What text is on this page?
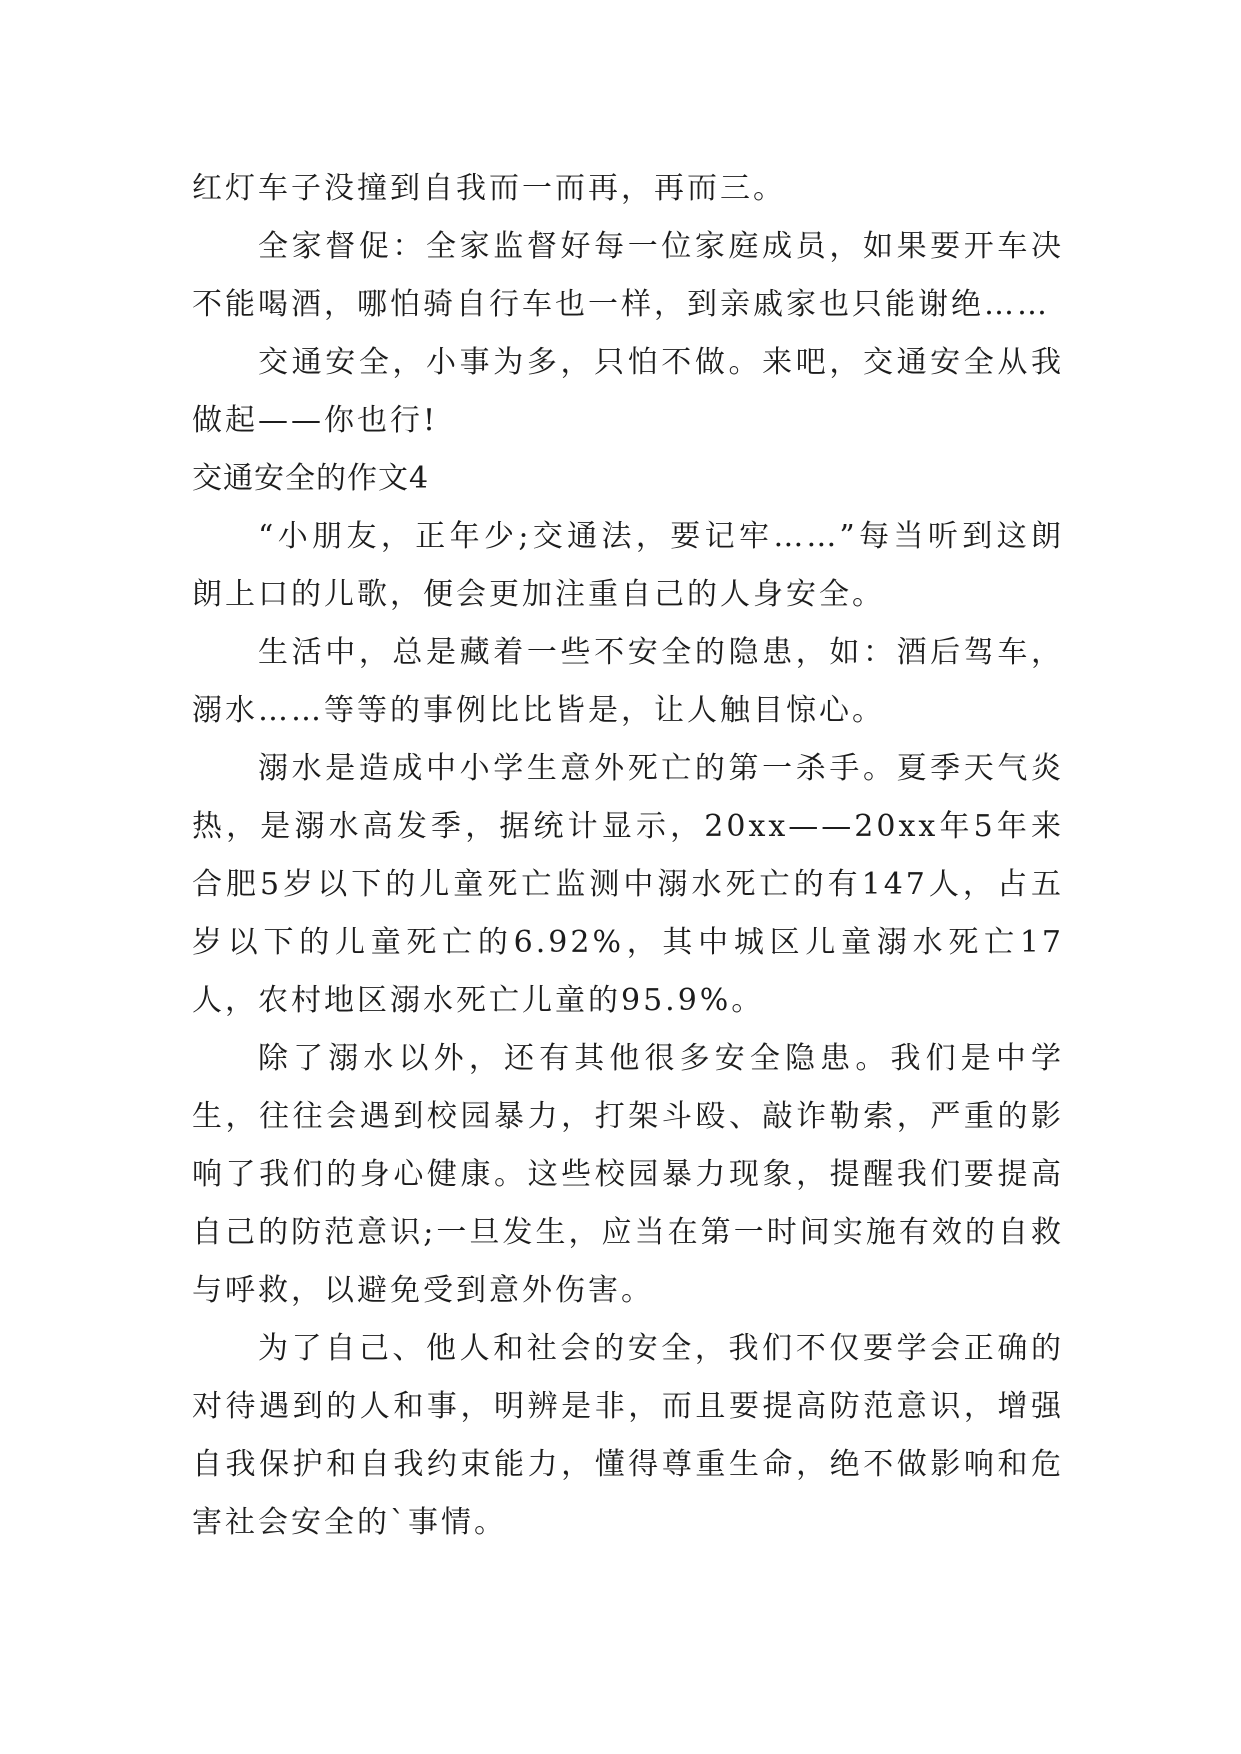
红灯车子没撞到自我而一而再，再而三。

全家督促：全家监督好每一位家庭成员，如果要开车决不能喝酒，哪怕骑自行车也一样，到亲戚家也只能谢绝……

交通安全，小事为多，只怕不做。来吧，交通安全从我做起——你也行!

交通安全的作文4

“小朋友，正年少;交通法，要记牢……”每当听到这朗朗上口的儿歌，便会更加注重自己的人身安全。

生活中，总是藏着一些不安全的隐患，如：酒后驾车，溺水……等等的事例比比皆是，让人触目惊心。

溺水是造成中小学生意外死亡的第一杀手。夏季天气炎热，是溺水高发季，据统计显示，20xx——20xx年5年来合肥5岁以下的儿童死亡监测中溺水死亡的有147人，占五岁以下的儿童死亡的6.92%，其中城区儿童溺水死亡17人，农村地区溺水死亡儿童的95.9%。

除了溺水以外，还有其他很多安全隐患。我们是中学生，往往会遇到校园暴力，打架斗殴、敲诈勒索，严重的影响了我们的身心健康。这些校园暴力现象，提醒我们要提高自己的防范意识;一旦发生，应当在第一时间实施有效的自救与呼救，以避免受到意外伤害。

为了自己、他人和社会的安全，我们不仅要学会正确的对待遇到的人和事，明辨是非，而且要提高防范意识，增强自我保护和自我约束能力，懂得尊重生命，绝不做影响和危害社会安全的`事情。
